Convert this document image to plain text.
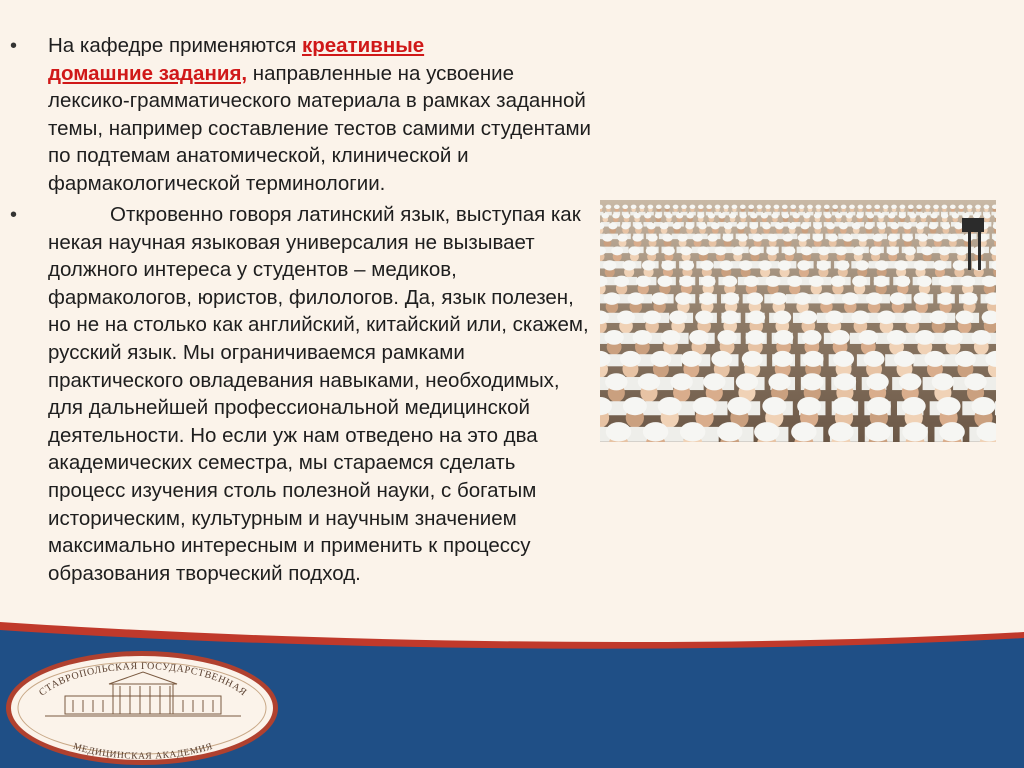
• На кафедре применяются креативные
домашние задания, направленные на усвоение лексико-грамматического материала в рамках заданной темы, например составление тестов самими студентами по подтемам анатомической, клинической и фармакологической терминологии.
•	Откровенно говоря латинский язык, выступая как некая научная языковая универсалия не вызывает должного интереса у студентов – медиков, фармакологов, юристов, филологов. Да, язык полезен, но не на столько как английский, китайский или, скажем, русский язык. Мы ограничиваемся рамками практического овладевания навыками, необходимых, для дальнейшей профессиональной медицинской деятельности. Но если уж нам отведено на это два академических семестра, мы стараемся сделать процесс изучения столь полезной науки, с богатым историческим, культурным и научным значением максимально интересным и применить к процессу образования творческий подход.
СТАВРОПОЛЬСКАЯ ГОСУДАРСТВЕННАЯ
МЕДИЦИНСКАЯ АКАДЕМИЯ
